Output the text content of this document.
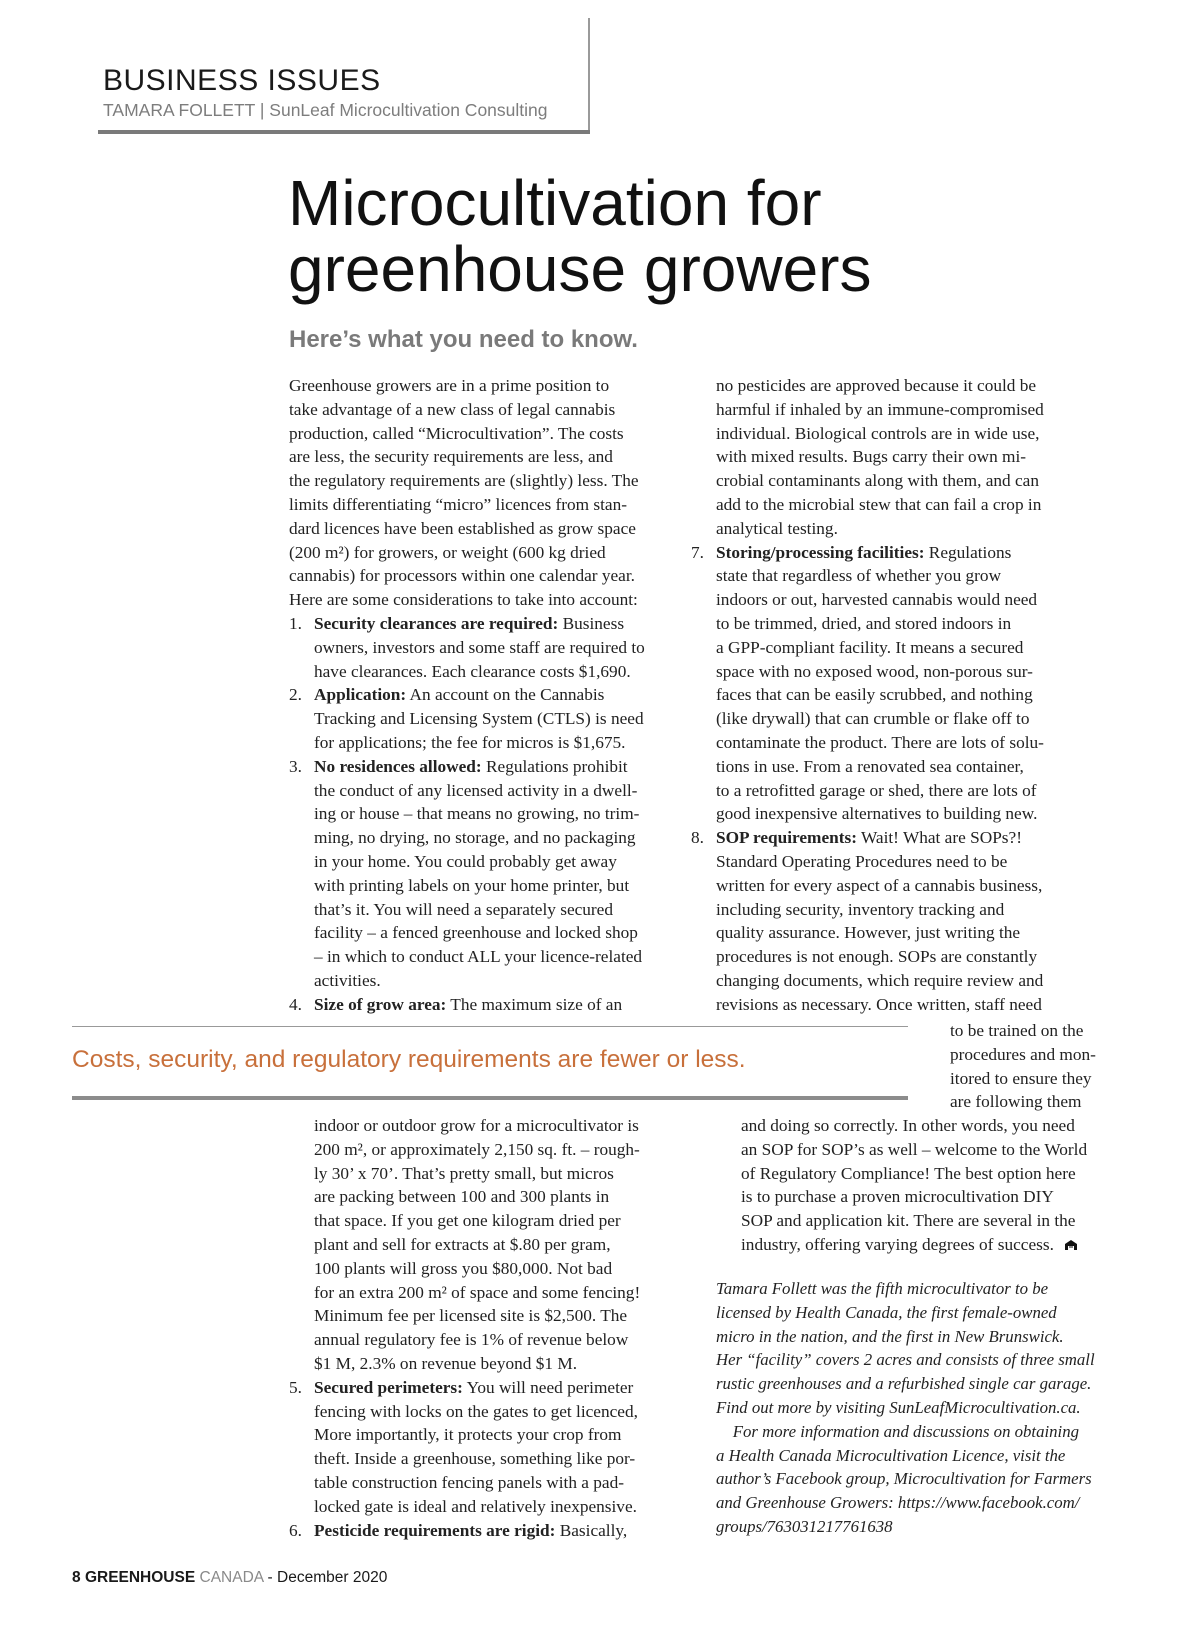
BUSINESS ISSUES
TAMARA FOLLETT | SunLeaf Microcultivation Consulting
Microcultivation for
greenhouse growers
Here’s what you need to know.
Greenhouse growers are in a prime position to
take advantage of a new class of legal cannabis
production, called “Microcultivation”. The costs
are less, the security requirements are less, and
the regulatory requirements are (slightly) less. The
limits differentiating “micro” licences from stan-
dard licences have been established as grow space
(200 m²) for growers, or weight (600 kg dried
cannabis) for processors within one calendar year.
Here are some considerations to take into account:
1. Security clearances are required: Business
owners, investors and some staff are required to
have clearances. Each clearance costs $1,690.
2. Application: An account on the Cannabis
Tracking and Licensing System (CTLS) is need
for applications; the fee for micros is $1,675.
3. No residences allowed: Regulations prohibit
the conduct of any licensed activity in a dwell-
ing or house – that means no growing, no trim-
ming, no drying, no storage, and no packaging
in your home. You could probably get away
with printing labels on your home printer, but
that’s it. You will need a separately secured
facility – a fenced greenhouse and locked shop
– in which to conduct ALL your licence-related
activities.
4. Size of grow area: The maximum size of an
Costs, security, and regulatory requirements are fewer or less.
indoor or outdoor grow for a microcultivator is
200 m², or approximately 2,150 sq. ft. – rough-
ly 30’ x 70’. That’s pretty small, but micros
are packing between 100 and 300 plants in
that space. If you get one kilogram dried per
plant and sell for extracts at $.80 per gram,
100 plants will gross you $80,000. Not bad
for an extra 200 m² of space and some fencing!
Minimum fee per licensed site is $2,500. The
annual regulatory fee is 1% of revenue below
$1 M, 2.3% on revenue beyond $1 M.
5. Secured perimeters: You will need perimeter
fencing with locks on the gates to get licenced,
More importantly, it protects your crop from
theft. Inside a greenhouse, something like por-
table construction fencing panels with a pad-
locked gate is ideal and relatively inexpensive.
6. Pesticide requirements are rigid: Basically,
no pesticides are approved because it could be
harmful if inhaled by an immune-compromised
individual. Biological controls are in wide use,
with mixed results. Bugs carry their own mi-
crobial contaminants along with them, and can
add to the microbial stew that can fail a crop in
analytical testing.
7. Storing/processing facilities: Regulations
state that regardless of whether you grow
indoors or out, harvested cannabis would need
to be trimmed, dried, and stored indoors in
a GPP-compliant facility. It means a secured
space with no exposed wood, non-porous sur-
faces that can be easily scrubbed, and nothing
(like drywall) that can crumble or flake off to
contaminate the product. There are lots of solu-
tions in use. From a renovated sea container,
to a retrofitted garage or shed, there are lots of
good inexpensive alternatives to building new.
8. SOP requirements: Wait! What are SOPs?!
Standard Operating Procedures need to be
written for every aspect of a cannabis business,
including security, inventory tracking and
quality assurance. However, just writing the
procedures is not enough. SOPs are constantly
changing documents, which require review and
revisions as necessary. Once written, staff need
to be trained on the
procedures and mon-
itored to ensure they
are following them
and doing so correctly. In other words, you need
an SOP for SOP’s as well – welcome to the World
of Regulatory Compliance! The best option here
is to purchase a proven microcultivation DIY
SOP and application kit. There are several in the
industry, offering varying degrees of success.
Tamara Follett was the fifth microcultivator to be
licensed by Health Canada, the first female-owned
micro in the nation, and the first in New Brunswick.
Her “facility” covers 2 acres and consists of three small
rustic greenhouses and a refurbished single car garage.
Find out more by visiting SunLeafMicrocultivation.ca.
For more information and discussions on obtaining
a Health Canada Microcultivation Licence, visit the
author’s Facebook group, Microcultivation for Farmers
and Greenhouse Growers: https://www.facebook.com/
groups/763031217761638
8 GREENHOUSE CANADA - December 2020
